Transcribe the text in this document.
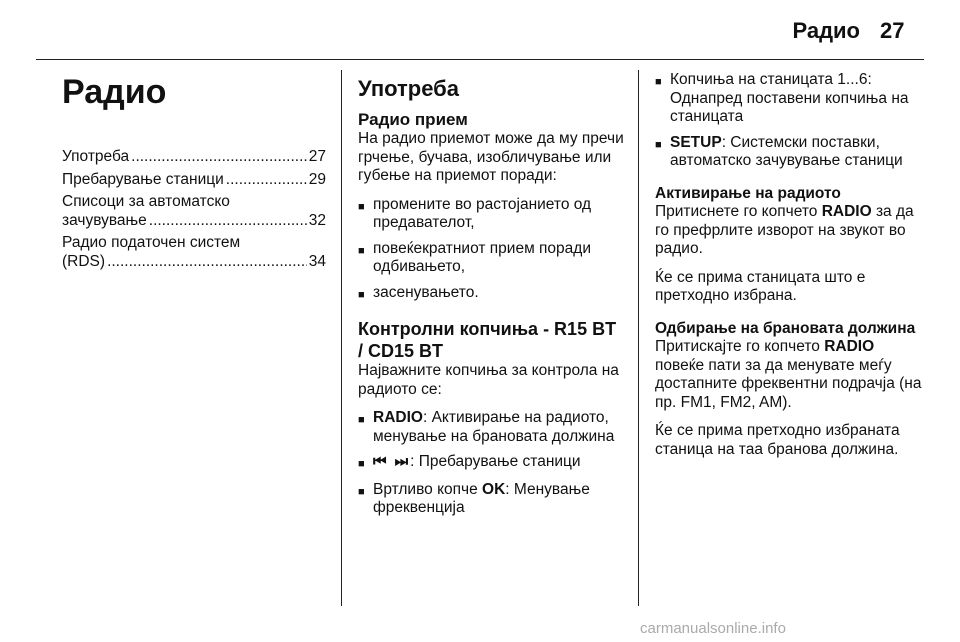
Радио 27
Радио
Употреба .....	27
Пребарување станици .....	29
Списоци за автоматско
зачувување .....	32
Радио податочен систем
(RDS) .....	34
Употреба
Радио прием

На радио приемот може да му пречи грчење, бучава, изобличување или губење на приемот поради:

■ промените во растојанието од предавателот,
■ повеќекратниот прием поради одбивањето,
■ засенувањето.
Контролни копчиња - R15 BT / CD15 BT

Најважните копчиња за контрола на радиото се:

■ RADIO: Активирање на радиото, менување на брановата должина
■ ⏮ ⏭: Пребарување станици
■ Вртливо копче OK: Менување фреквенција
■ Копчиња на станицата 1...6: Однапред поставени копчиња на станицата
■ SETUP: Системски поставки, автоматско зачувување станици
Активирање на радиото

Притиснете го копчето RADIO за да го префрлите изворот на звукот во радио.

Ќе се прима станицата што е претходно избрана.

Одбирање на брановата должина

Притискајте го копчето RADIO повеќе пати за да менувате меѓу достапните фреквентни подрачја (на пр. FM1, FM2, AM).

Ќе се прима претходно избраната станица на таа бранова должина.

carmanualsonline.info
